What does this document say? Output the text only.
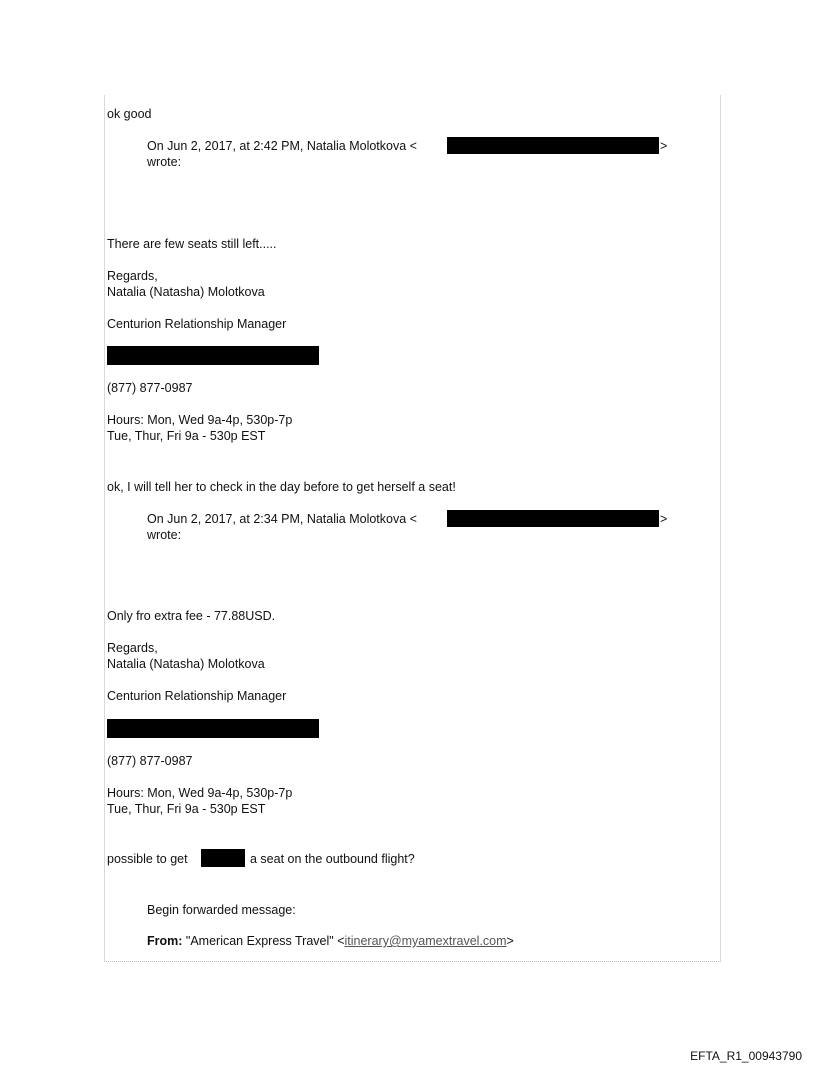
ok good
On Jun 2, 2017, at 2:42 PM, Natalia Molotkova <	>
wrote:
There are few seats still left.....
Regards,
Natalia (Natasha) Molotkova
Centurion Relationship Manager
(877) 877-0987
Hours: Mon, Wed 9a-4p, 530p-7p
Tue, Thur, Fri 9a - 530p EST
ok, I will tell her to check in the day before to get herself a seat!
On Jun 2, 2017, at 2:34 PM, Natalia Molotkova <	>
wrote:
Only fro extra fee - 77.88USD.
Regards,
Natalia (Natasha) Molotkova
Centurion Relationship Manager
(877) 877-0987
Hours: Mon, Wed 9a-4p, 530p-7p
Tue, Thur, Fri 9a - 530p EST
possible to get	a seat on the outbound flight?
Begin forwarded message:
From: "American Express Travel" <itinerary@myamextravel.com>
EFTA_R1_00943790
